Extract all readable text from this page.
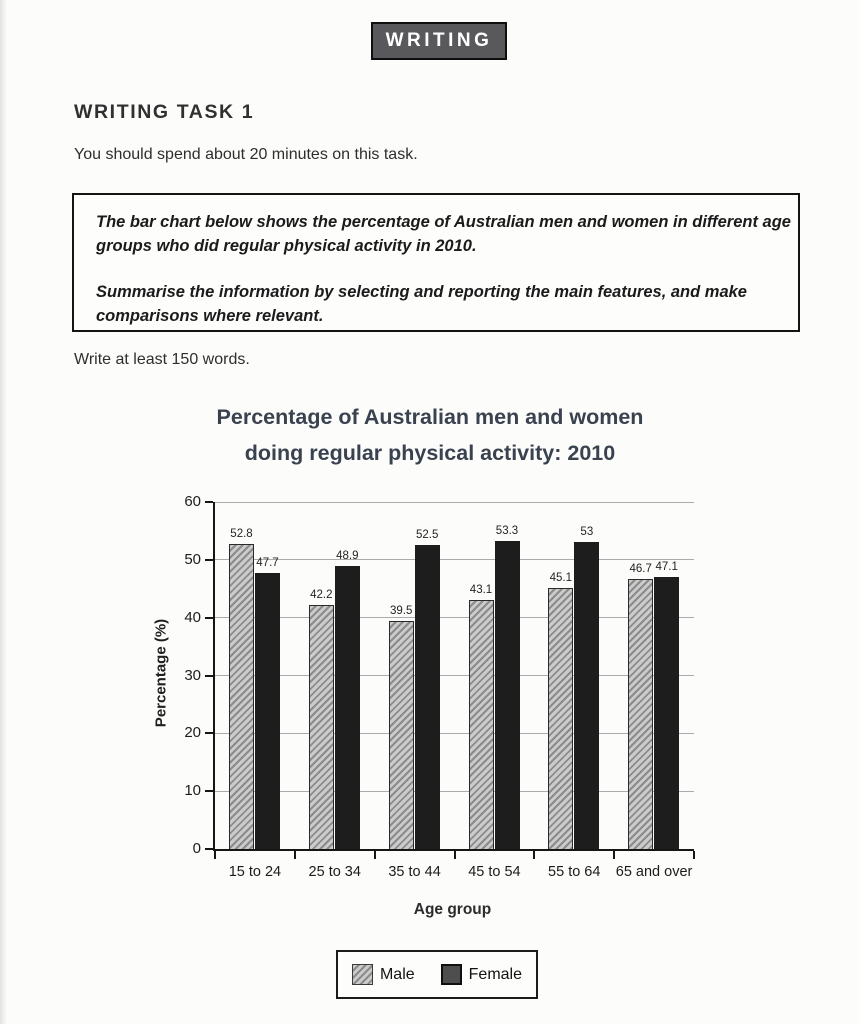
WRITING
WRITING TASK 1
You should spend about 20 minutes on this task.

The bar chart below shows the percentage of Australian men and women in different age groups who did regular physical activity in 2010.

Summarise the information by selecting and reporting the main features, and make comparisons where relevant.

Write at least 150 words.
Percentage of Australian men and women
doing regular physical activity: 2010
Percentage (%)
0
10
20
30
40
50
60
52.8
47.7
15 to 24
42.2
48.9
25 to 34
39.5
52.5
35 to 44
43.1
53.3
45 to 54
45.1
53
55 to 64
46.7 47.1
65 and over
Age group
Male	Female
